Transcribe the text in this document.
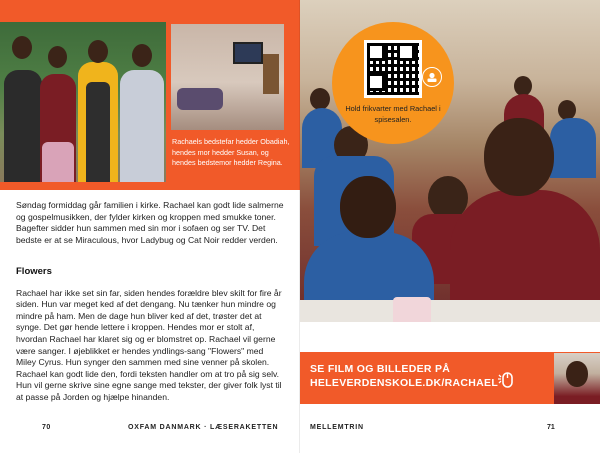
Rachaels bedstefar hedder Obadiah, hendes mor hedder Susan, og hendes bedstemor hedder Regina.

Søndag formiddag går familien i kirke. Rachael kan godt lide salmerne og gospelmusikken, der fylder kirken og kroppen med smukke toner. Bagefter sidder hun sammen med sin mor i sofaen og ser TV. Det bedste er at se Miraculous, hvor Ladybug og Cat Noir redder verden.

Flowers

Rachael har ikke set sin far, siden hendes forældre blev skilt for fire år siden. Hun var meget ked af det dengang. Nu tænker hun mindre og mindre på ham. Men de dage hun bliver ked af det, trøster det at synge. Det gør hende lettere i kroppen. Hendes mor er stolt af, hvordan Rachael har klaret sig og er blomstret op. Rachael vil gerne være sanger. I øjeblikket er hendes yndlings-sang "Flowers" med Miley Cyrus. Hun synger den sammen med sine venner på skolen. Rachael kan godt lide den, fordi teksten handler om at tro på sig selv. Hun vil gerne skrive sine egne sange med tekster, der giver folk lyst til at passe på Jorden og hjælpe hinanden.

70	OXFAM DANMARK · LÆSERAKETTEN
Hold frikvarter med Rachael i spisesalen.
SE FILM OG BILLEDER PÅ
HELEVERDENSKOLE.DK/RACHAEL
MELLEMTRIN	71
